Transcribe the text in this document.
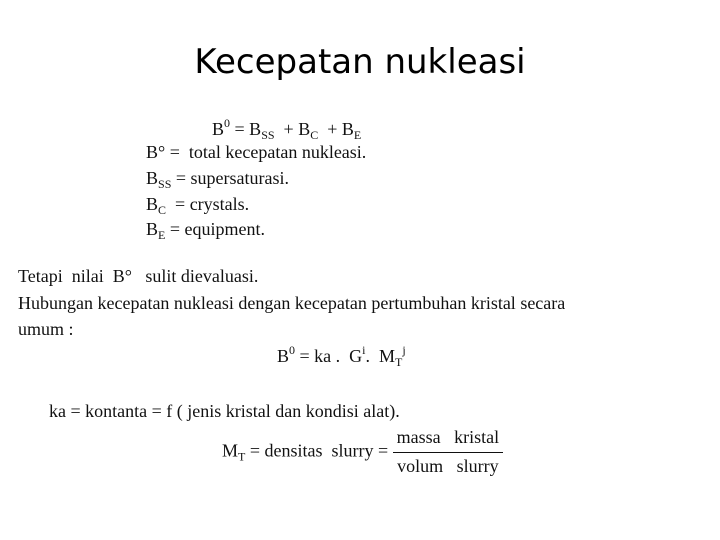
Kecepatan nukleasi
$B^0 = B_{SS} + B_C + B_E$
B° = total kecepatan nukleasi.
$B_{SS}$ = supersaturasi.
$B_C$ = crystals.
$B_E$ = equipment.
Tetapi  nilai  B°   sulit dievaluasi.
Hubungan kecepatan nukleasi dengan kecepatan pertumbuhan kristal secara
umum :
$B^0$ = ka . $G^i$. $M_T^j$
ka = kontanta = f ( jenis kristal dan kondisi alat).
$M_T$ = densitas  slurry = $\frac{\text{massa   kristal}}{\text{volum   slurry}}$
